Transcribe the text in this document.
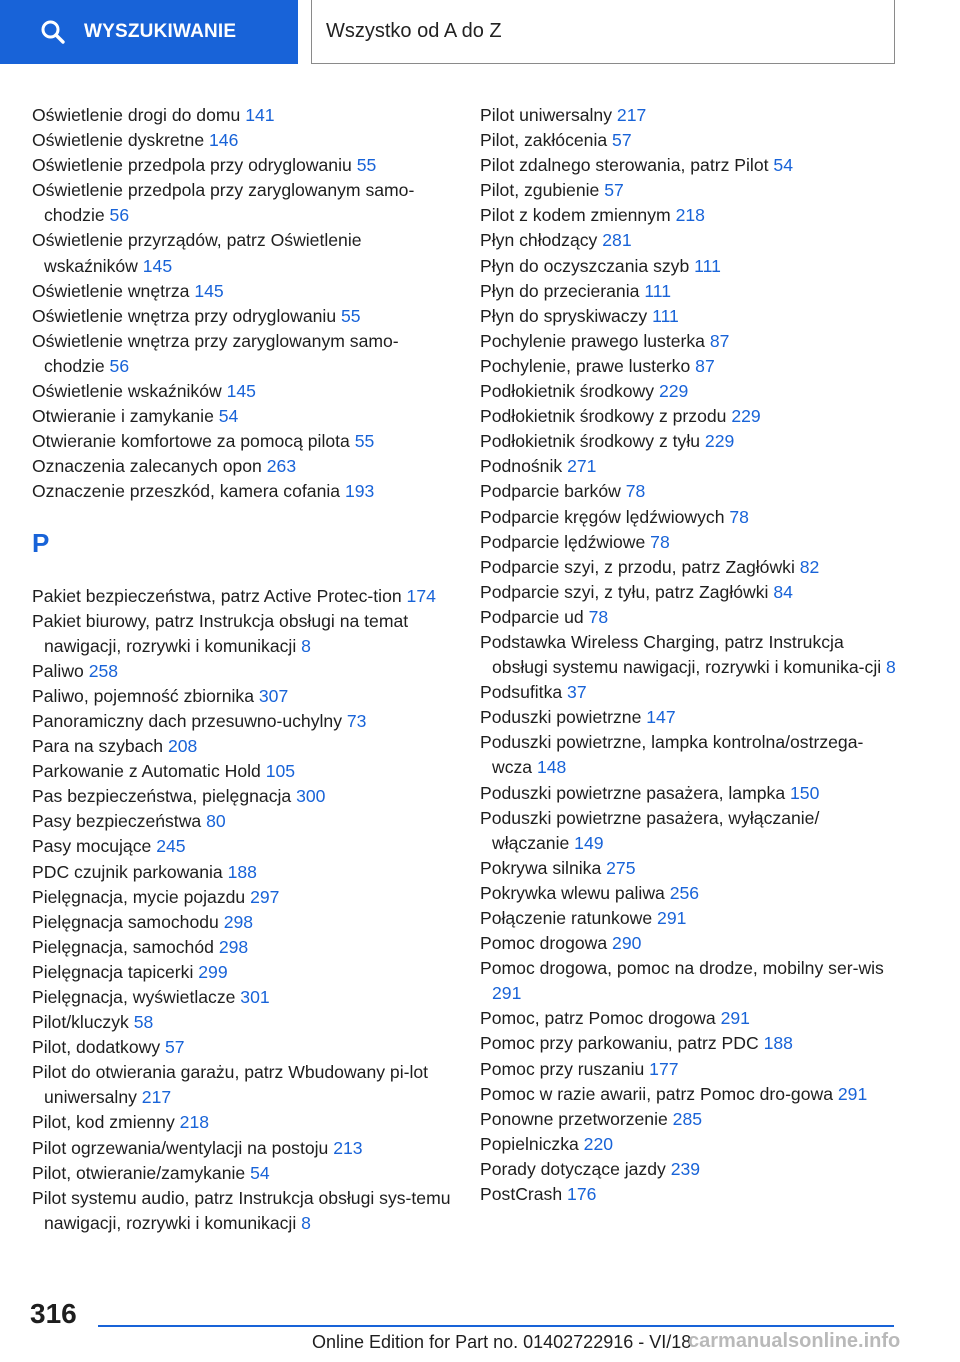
WYSZUKIWANIE	Wszystko od A do Z
Oświetlenie drogi do domu 141
Oświetlenie dyskretne 146
Oświetlenie przedpola przy odryglowaniu 55
Oświetlenie przedpola przy zaryglowanym samo-chodzie 56
Oświetlenie przyrządów, patrz Oświetlenie wskaźników 145
Oświetlenie wnętrza 145
Oświetlenie wnętrza przy odryglowaniu 55
Oświetlenie wnętrza przy zaryglowanym samo-chodzie 56
Oświetlenie wskaźników 145
Otwieranie i zamykanie 54
Otwieranie komfortowe za pomocą pilota 55
Oznaczenia zalecanych opon 263
Oznaczenie przeszkód, kamera cofania 193
P
Pakiet bezpieczeństwa, patrz Active Protec-tion 174
Pakiet biurowy, patrz Instrukcja obsługi na temat nawigacji, rozrywki i komunikacji 8
Paliwo 258
Paliwo, pojemność zbiornika 307
Panoramiczny dach przesuwno-uchylny 73
Para na szybach 208
Parkowanie z Automatic Hold 105
Pas bezpieczeństwa, pielęgnacja 300
Pasy bezpieczeństwa 80
Pasy mocujące 245
PDC czujnik parkowania 188
Pielęgnacja, mycie pojazdu 297
Pielęgnacja samochodu 298
Pielęgnacja, samochód 298
Pielęgnacja tapicerki 299
Pielęgnacja, wyświetlacze 301
Pilot/kluczyk 58
Pilot, dodatkowy 57
Pilot do otwierania garażu, patrz Wbudowany pi-lot uniwersalny 217
Pilot, kod zmienny 218
Pilot ogrzewania/wentylacji na postoju 213
Pilot, otwieranie/zamykanie 54
Pilot systemu audio, patrz Instrukcja obsługi sys-temu nawigacji, rozrywki i komunikacji 8
Pilot uniwersalny 217
Pilot, zakłócenia 57
Pilot zdalnego sterowania, patrz Pilot 54
Pilot, zgubienie 57
Pilot z kodem zmiennym 218
Płyn chłodzący 281
Płyn do oczyszczania szyb 111
Płyn do przecierania 111
Płyn do spryskiwaczy 111
Pochylenie prawego lusterka 87
Pochylenie, prawe lusterko 87
Podłokietnik środkowy 229
Podłokietnik środkowy z przodu 229
Podłokietnik środkowy z tyłu 229
Podnośnik 271
Podparcie barków 78
Podparcie kręgów lędźwiowych 78
Podparcie lędźwiowe 78
Podparcie szyi, z przodu, patrz Zagłówki 82
Podparcie szyi, z tyłu, patrz Zagłówki 84
Podparcie ud 78
Podstawka Wireless Charging, patrz Instrukcja obsługi systemu nawigacji, rozrywki i komunika-cji 8
Podsufitka 37
Poduszki powietrzne 147
Poduszki powietrzne, lampka kontrolna/ostrzega-wcza 148
Poduszki powietrzne pasażera, lampka 150
Poduszki powietrzne pasażera, wyłączanie/ włączanie 149
Pokrywa silnika 275
Pokrywka wlewu paliwa 256
Połączenie ratunkowe 291
Pomoc drogowa 290
Pomoc drogowa, pomoc na drodze, mobilny ser-wis 291
Pomoc, patrz Pomoc drogowa 291
Pomoc przy parkowaniu, patrz PDC 188
Pomoc przy ruszaniu 177
Pomoc w razie awarii, patrz Pomoc dro-gowa 291
Ponowne przetworzenie 285
Popielniczka 220
Porady dotyczące jazdy 239
PostCrash 176
316
Online Edition for Part no. 01402722916 - VI/18
carmanualsonline.info
